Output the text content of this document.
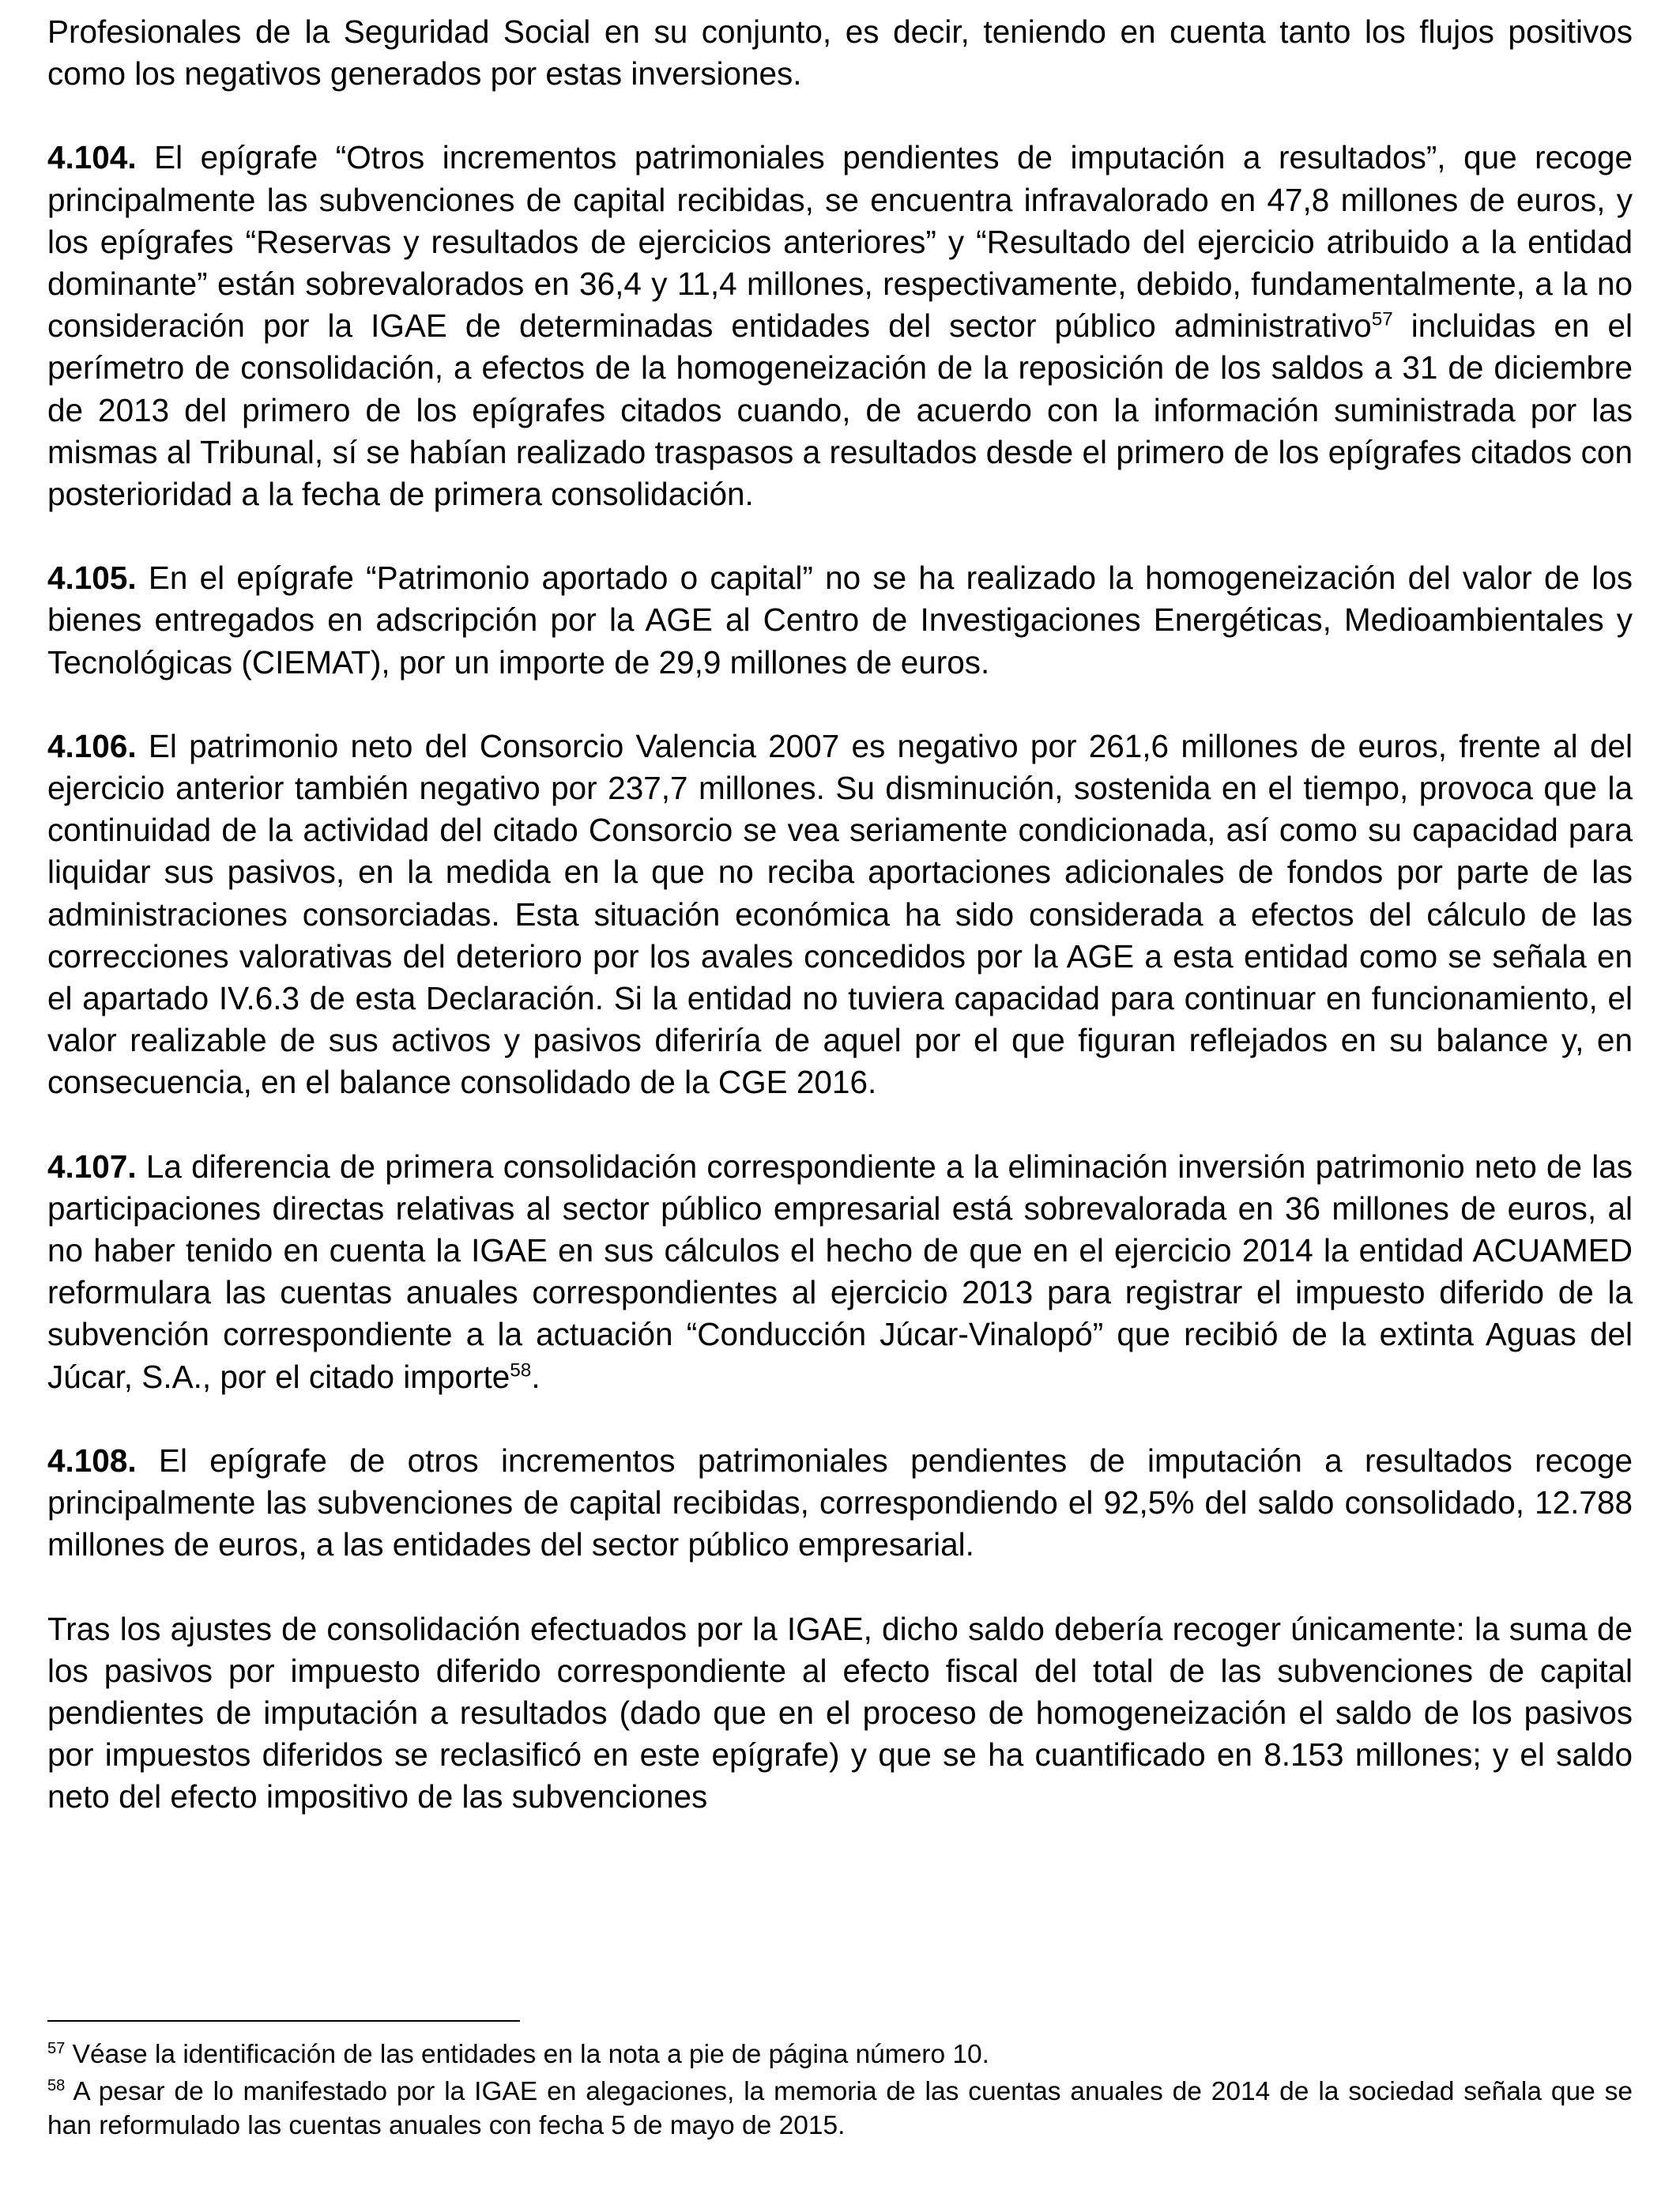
Profesionales de la Seguridad Social en su conjunto, es decir, teniendo en cuenta tanto los flujos positivos como los negativos generados por estas inversiones.

4.104. El epígrafe “Otros incrementos patrimoniales pendientes de imputación a resultados”, que recoge principalmente las subvenciones de capital recibidas, se encuentra infravalorado en 47,8 millones de euros, y los epígrafes “Reservas y resultados de ejercicios anteriores” y “Resultado del ejercicio atribuido a la entidad dominante” están sobrevalorados en 36,4 y 11,4 millones, respectivamente, debido, fundamentalmente, a la no consideración por la IGAE de determinadas entidades del sector público administrativo$^{57}$ incluidas en el perímetro de consolidación, a efectos de la homogeneización de la reposición de los saldos a 31 de diciembre de 2013 del primero de los epígrafes citados cuando, de acuerdo con la información suministrada por las mismas al Tribunal, sí se habían realizado traspasos a resultados desde el primero de los epígrafes citados con posterioridad a la fecha de primera consolidación.

4.105. En el epígrafe “Patrimonio aportado o capital” no se ha realizado la homogeneización del valor de los bienes entregados en adscripción por la AGE al Centro de Investigaciones Energéticas, Medioambientales y Tecnológicas (CIEMAT), por un importe de 29,9 millones de euros.

4.106. El patrimonio neto del Consorcio Valencia 2007 es negativo por 261,6 millones de euros, frente al del ejercicio anterior también negativo por 237,7 millones. Su disminución, sostenida en el tiempo, provoca que la continuidad de la actividad del citado Consorcio se vea seriamente condicionada, así como su capacidad para liquidar sus pasivos, en la medida en la que no reciba aportaciones adicionales de fondos por parte de las administraciones consorciadas. Esta situación económica ha sido considerada a efectos del cálculo de las correcciones valorativas del deterioro por los avales concedidos por la AGE a esta entidad como se señala en el apartado IV.6.3 de esta Declaración. Si la entidad no tuviera capacidad para continuar en funcionamiento, el valor realizable de sus activos y pasivos diferiría de aquel por el que figuran reflejados en su balance y, en consecuencia, en el balance consolidado de la CGE 2016.

4.107. La diferencia de primera consolidación correspondiente a la eliminación inversión patrimonio neto de las participaciones directas relativas al sector público empresarial está sobrevalorada en 36 millones de euros, al no haber tenido en cuenta la IGAE en sus cálculos el hecho de que en el ejercicio 2014 la entidad ACUAMED reformulara las cuentas anuales correspondientes al ejercicio 2013 para registrar el impuesto diferido de la subvención correspondiente a la actuación “Conducción Júcar-Vinalopó” que recibió de la extinta Aguas del Júcar, S.A., por el citado importe$^{58}$.

4.108. El epígrafe de otros incrementos patrimoniales pendientes de imputación a resultados recoge principalmente las subvenciones de capital recibidas, correspondiendo el 92,5% del saldo consolidado, 12.788 millones de euros, a las entidades del sector público empresarial.

Tras los ajustes de consolidación efectuados por la IGAE, dicho saldo debería recoger únicamente: la suma de los pasivos por impuesto diferido correspondiente al efecto fiscal del total de las subvenciones de capital pendientes de imputación a resultados (dado que en el proceso de homogeneización el saldo de los pasivos por impuestos diferidos se reclasificó en este epígrafe) y que se ha cuantificado en 8.153 millones; y el saldo neto del efecto impositivo de las subvenciones

$^{57}$ Véase la identificación de las entidades en la nota a pie de página número 10.

$^{58}$ A pesar de lo manifestado por la IGAE en alegaciones, la memoria de las cuentas anuales de 2014 de la sociedad señala que se han reformulado las cuentas anuales con fecha 5 de mayo de 2015.
